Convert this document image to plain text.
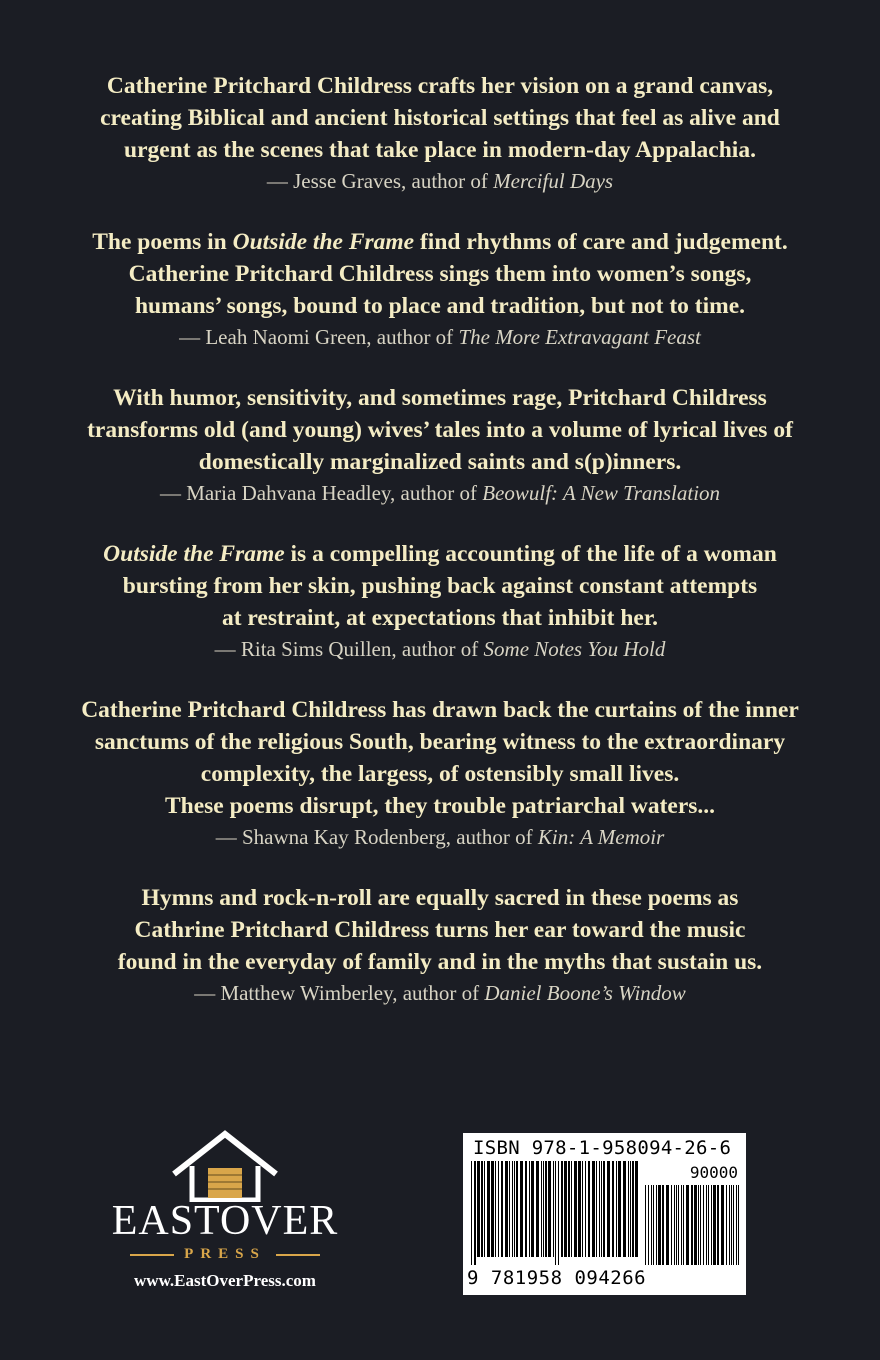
Catherine Pritchard Childress crafts her vision on a grand canvas,
creating Biblical and ancient historical settings that feel as alive and
urgent as the scenes that take place in modern-day Appalachia.
— Jesse Graves, author of Merciful Days
The poems in Outside the Frame find rhythms of care and judgement.
Catherine Pritchard Childress sings them into women’s songs,
humans’ songs, bound to place and tradition, but not to time.
— Leah Naomi Green, author of The More Extravagant Feast
With humor, sensitivity, and sometimes rage, Pritchard Childress
transforms old (and young) wives’ tales into a volume of lyrical lives of
domestically marginalized saints and s(p)inners.
— Maria Dahvana Headley, author of Beowulf: A New Translation
Outside the Frame is a compelling accounting of the life of a woman
bursting from her skin, pushing back against constant attempts
at restraint, at expectations that inhibit her.
— Rita Sims Quillen, author of Some Notes You Hold
Catherine Pritchard Childress has drawn back the curtains of the inner
sanctums of the religious South, bearing witness to the extraordinary
complexity, the largess, of ostensibly small lives.
These poems disrupt, they trouble patriarchal waters...
— Shawna Kay Rodenberg, author of Kin: A Memoir
Hymns and rock-n-roll are equally sacred in these poems as
Cathrine Pritchard Childress turns her ear toward the music
found in the everyday of family and in the myths that sustain us.
— Matthew Wimberley, author of Daniel Boone’s Window
EASTOVER
PRESS
www.EastOverPress.com
ISBN 978-1-958094-26-6
90000
9 781958 094266
